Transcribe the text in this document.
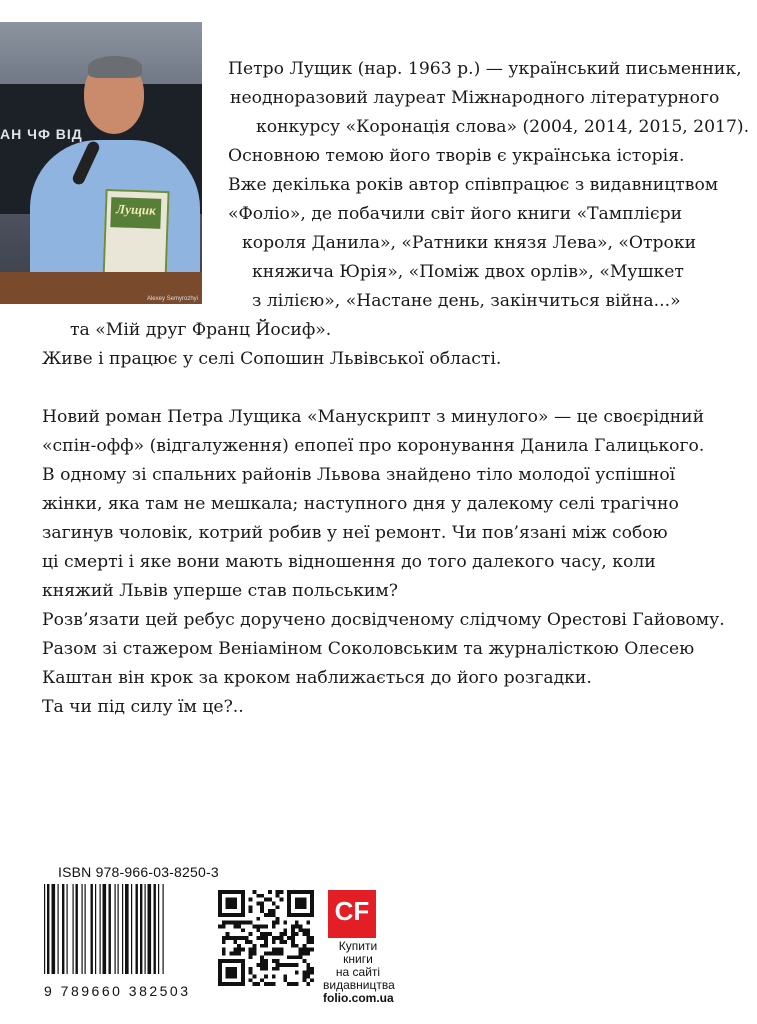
АН ЧФ ВІД
Лущик
Alexey Semyrozhyi
Петро Лущик (нар. 1963 р.) — український письменник,
неодноразовий лауреат Міжнародного літературного
конкурсу «Коронація слова» (2004, 2014, 2015, 2017).
Основною темою його творів є українська історія.
Вже декілька років автор співпрацює з видавництвом
«Фоліо», де побачили світ його книги «Тамплієри
короля Данила», «Ратники князя Лева», «Отроки
княжича Юрія», «Поміж двох орлів», «Мушкет
з лілією», «Настане день, закінчиться війна...»
та «Мій друг Франц Йосиф».
Живе і працює у селі Сопошин Львівської області.
Новий роман Петра Лущика «Манускрипт з минулого» — це своєрідний
«спін-офф» (відгалуження) епопеї про коронування Данила Галицького.
В одному зі спальних районів Львова знайдено тіло молодої успішної
жінки, яка там не мешкала; наступного дня у далекому селі трагічно
загинув чоловік, котрий робив у неї ремонт. Чи пов’язані між собою
ці смерті і яке вони мають відношення до того далекого часу, коли
княжий Львів уперше став польським?
Розв’язати цей ребус доручено досвідченому слідчому Орестові Гайовому.
Разом зі стажером Веніаміном Соколовським та журналісткою Олесею
Каштан він крок за кроком наближається до його розгадки.
Та чи під силу їм це?..
ISBN 978-966-03-8250-3
9 789660 382503
CF
Купити книги
на сайті
видавництва
folio.com.ua
